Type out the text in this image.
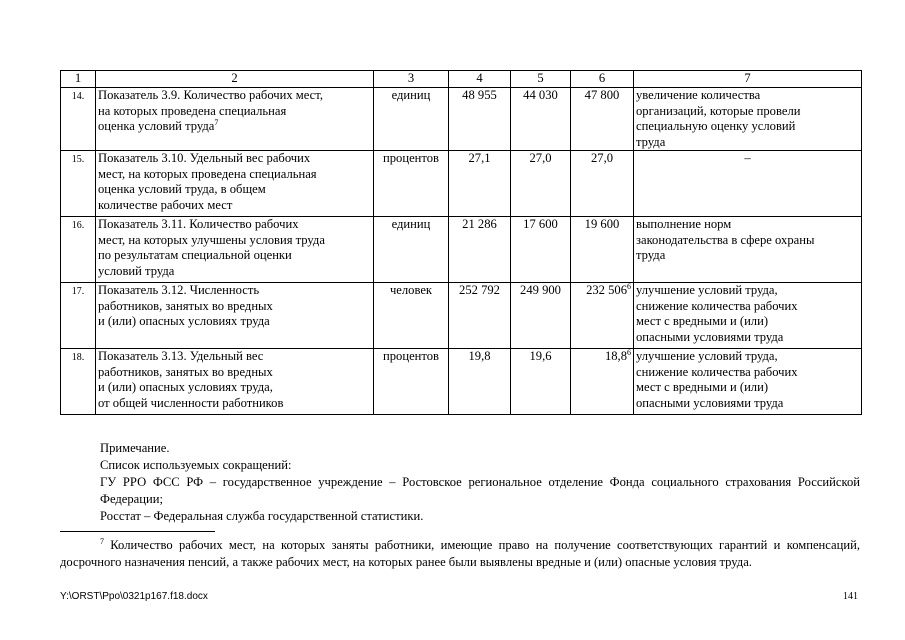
1	2	3	4	5	6	7
14.	Показатель 3.9. Количество рабочих мест,
на которых проведена специальная
оценка условий труда$^7$	единиц	48 955	44 030	47 800	увеличение количества
организаций, которые провели
специальную оценку условий
труда

15.	Показатель 3.10. Удельный вес рабочих
мест, на которых проведена специальная
оценка условий труда, в общем
количестве рабочих мест	процентов	27,1	27,0	27,0	–

16.	Показатель 3.11. Количество рабочих
мест, на которых улучшены условия труда
по результатам специальной оценки
условий труда	единиц	21 286	17 600	19 600	выполнение норм
законодательства в сфере охраны
труда

17.	Показатель 3.12. Численность
работников, занятых во вредных
и (или) опасных условиях труда	человек	252 792	249 900	232 $506^6$	улучшение условий труда,
снижение количества рабочих
мест с вредными и (или)
опасными условиями труда

18.	Показатель 3.13. Удельный вес
работников, занятых во вредных
и (или) опасных условиях труда,
от общей численности работников	процентов	19,8	19,6	18,8$^6$	улучшение условий труда,
снижение количества рабочих
мест с вредными и (или)
опасными условиями труда
Примечание.
Список используемых сокращений:
ГУ РРО ФСС РФ – государственное учреждение – Ростовское региональное отделение Фонда социального страхования Российской Федерации;
Росстат – Федеральная служба государственной статистики.
$^7$ Количество рабочих мест, на которых заняты работники, имеющие право на получение соответствующих гарантий и компенсаций, досрочного назначения пенсий, а также рабочих мест, на которых ранее были выявлены вредные и (или) опасные условия труда.
Y:\ORST\Ppo\0321p167.f18.docx	141
